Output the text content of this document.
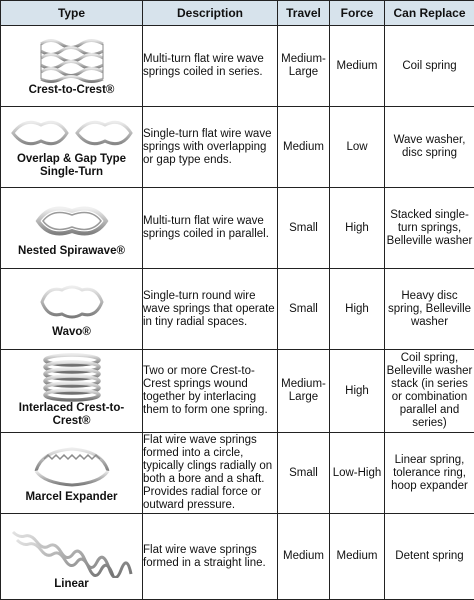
Type	Description	Travel	Force	Can Replace

Crest-to-Crest®	Multi-turn flat wire wave springs coiled in series.	Medium-Large	Medium	Coil spring

Overlap & Gap Type Single-Turn	Single-turn flat wire wave springs with overlapping or gap type ends.	Medium	Low	Wave washer, disc spring

Nested Spirawave®	Multi-turn flat wire wave springs coiled in parallel.	Small	High	Stacked single-turn springs, Belleville washer

Wavo®	Single-turn round wire wave springs that operate in tiny radial spaces.	Small	High	Heavy disc spring, Belleville washer

Interlaced Crest-to-Crest®	Two or more Crest-to-Crest springs wound together by interlacing them to form one spring.	Medium-Large	High	Coil spring, Belleville washer stack (in series or combination parallel and series)

Marcel Expander	Flat wire wave springs formed into a circle, typically clings radially on both a bore and a shaft. Provides radial force or outward pressure.	Small	Low-High	Linear spring, tolerance ring, hoop expander

Linear	Flat wire wave springs formed in a straight line.	Medium	Medium	Detent spring
